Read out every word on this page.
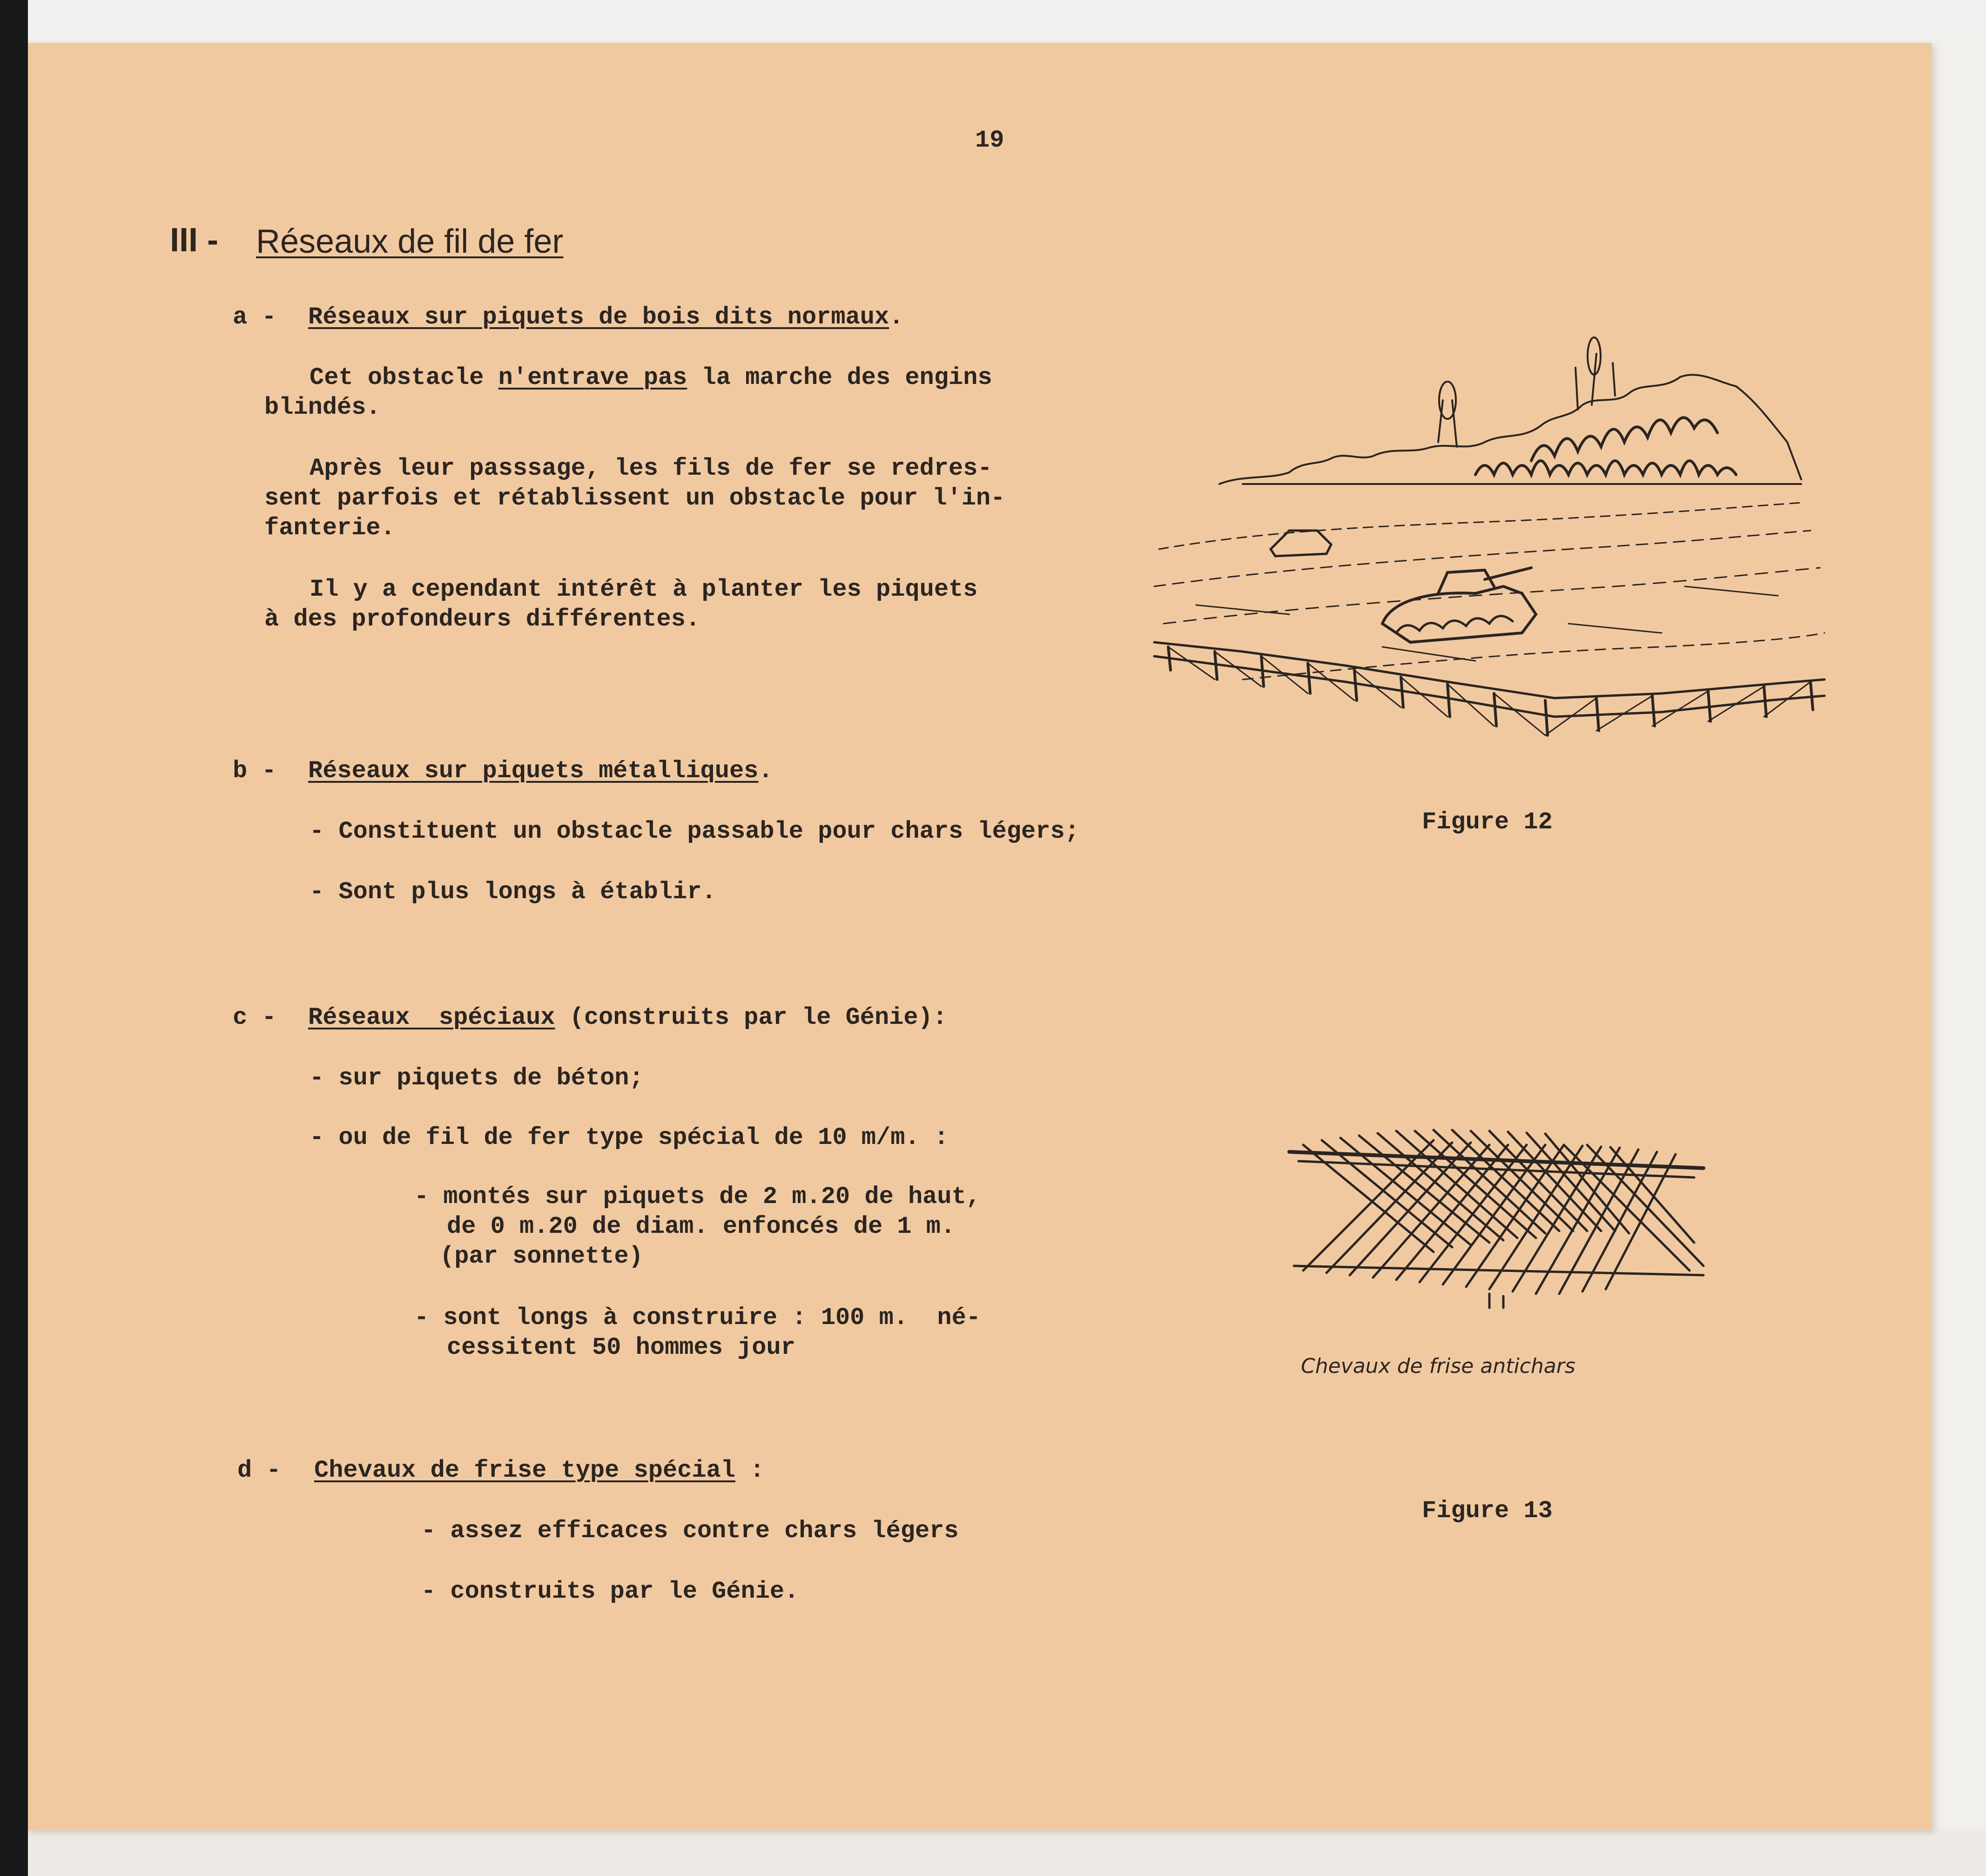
19
III - Réseaux de fil de fer
a - Réseaux sur piquets de bois dits normaux.
Cet obstacle n'entrave pas la marche des engins
blindés.
Après leur passsage, les fils de fer se redres-
sent parfois et rétablissent un obstacle pour l'in-
fanterie.
Il y a cependant intérêt à planter les piquets
à des profondeurs différentes.
b - Réseaux sur piquets métalliques.
- Constituent un obstacle passable pour chars légers;
- Sont plus longs à établir.
c - Réseaux  spéciaux (construits par le Génie):
- sur piquets de béton;
- ou de fil de fer type spécial de 10 m/m. :
- montés sur piquets de 2 m.20 de haut,
de 0 m.20 de diam. enfoncés de 1 m.
(par sonnette)
- sont longs à construire : 100 m.  né-
cessitent 50 hommes jour
d - Chevaux de frise type spécial :
- assez efficaces contre chars légers
- construits par le Génie.
Figure 12
Chevaux de frise antichars
Figure 13
